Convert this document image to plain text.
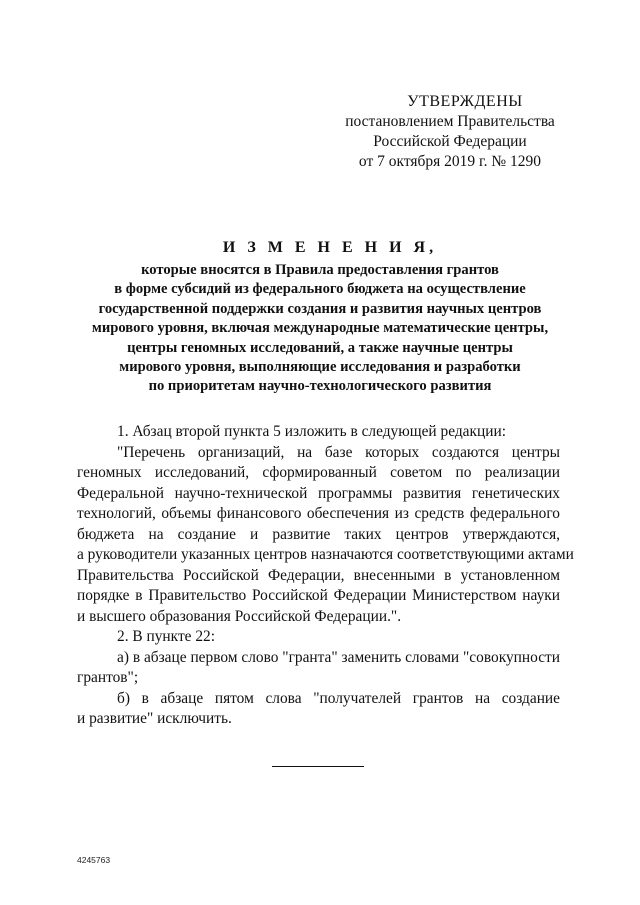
УТВЕРЖДЕНЫ
постановлением Правительства
Российской Федерации
от 7 октября 2019 г. № 1290
И З М Е Н Е Н И Я,
которые вносятся в Правила предоставления грантов
в форме субсидий из федерального бюджета на осуществление
государственной поддержки создания и развития научных центров
мирового уровня, включая международные математические центры,
центры геномных исследований, а также научные центры
мирового уровня, выполняющие исследования и разработки
по приоритетам научно-технологического развития

1. Абзац второй пункта 5 изложить в следующей редакции:

"Перечень организаций, на базе которых создаются центры

геномных исследований, сформированный советом по реализации

Федеральной научно-технической программы развития генетических

технологий, объемы финансового обеспечения из средств федерального

бюджета на создание и развитие таких центров утверждаются,

а руководители указанных центров назначаются соответствующими актами

Правительства Российской Федерации, внесенными в установленном

порядке в Правительство Российской Федерации Министерством науки

и высшего образования Российской Федерации.".

2. В пункте 22:

а) в абзаце первом слово "гранта" заменить словами "совокупности

грантов";

б) в абзаце пятом слова "получателей грантов на создание

и развитие" исключить.

4245763
